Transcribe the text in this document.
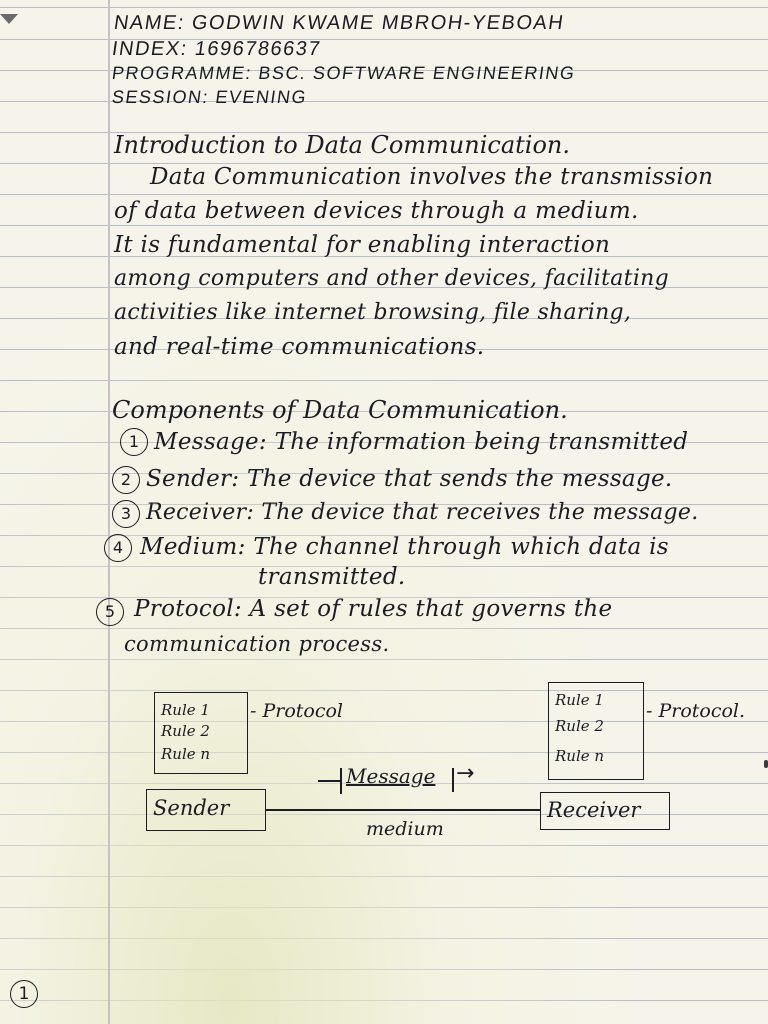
NAME: GODWIN KWAME MBROH-YEBOAH
INDEX: 1696786637
PROGRAMME: BSC. SOFTWARE ENGINEERING
SESSION: EVENING
Introduction to Data Communication.
Data Communication involves the transmission
of data between devices through a medium.
It is fundamental for enabling interaction
among computers and other devices, facilitating
activities like internet browsing, file sharing,
and real-time communications.
Components of Data Communication.
1 Message: The information being transmitted
2 Sender: The device that sends the message.
3 Receiver: The device that receives the message.
4 Medium: The channel through which data is
transmitted.
5 Protocol: A set of rules that governs the
communication process.
Rule 1
Rule 2
Rule n
- Protocol	Rule 1
Rule 2
Rule n
- Protocol.
Message →
Sender	Receiver
medium
1
